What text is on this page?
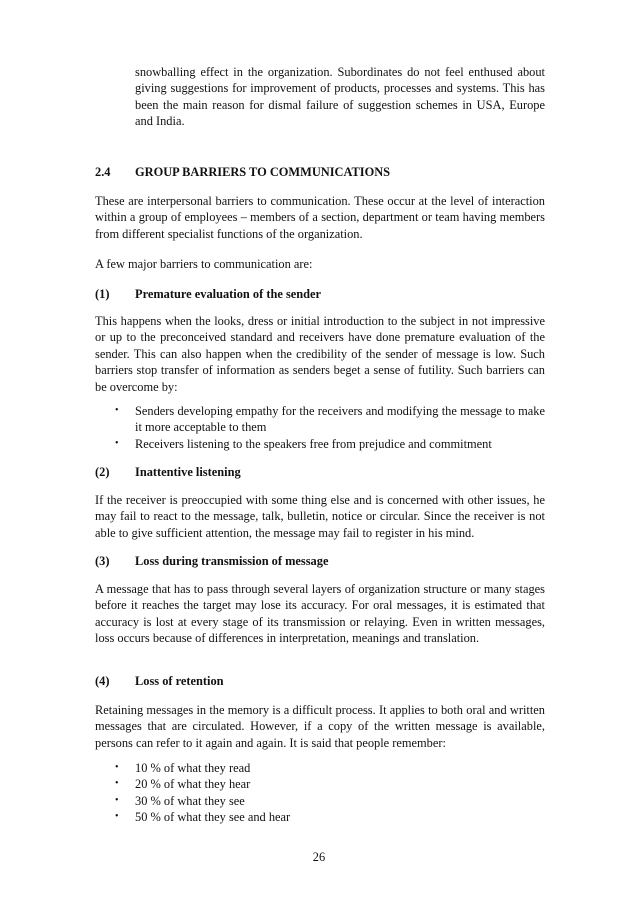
snowballing effect in the organization. Subordinates do not feel enthused about giving suggestions for improvement of products, processes and systems. This has been the main reason for dismal failure of suggestion schemes in USA, Europe and India.

2.4 GROUP BARRIERS TO COMMUNICATIONS

These are interpersonal barriers to communication. These occur at the level of interaction within a group of employees – members of a section, department or team having members from different specialist functions of the organization.

A few major barriers to communication are:

(1) Premature evaluation of the sender

This happens when the looks, dress or initial introduction to the subject in not impressive or up to the preconceived standard and receivers have done premature evaluation of the sender. This can also happen when the credibility of the sender of message is low. Such barriers stop transfer of information as senders beget a sense of futility. Such barriers can be overcome by:

• Senders developing empathy for the receivers and modifying the message to make it more acceptable to them
• Receivers listening to the speakers free from prejudice and commitment
(2) Inattentive listening

If the receiver is preoccupied with some thing else and is concerned with other issues, he may fail to react to the message, talk, bulletin, notice or circular. Since the receiver is not able to give sufficient attention, the message may fail to register in his mind.

(3) Loss during transmission of message

A message that has to pass through several layers of organization structure or many stages before it reaches the target may lose its accuracy. For oral messages, it is estimated that accuracy is lost at every stage of its transmission or relaying. Even in written messages, loss occurs because of differences in interpretation, meanings and translation.

(4) Loss of retention

Retaining messages in the memory is a difficult process. It applies to both oral and written messages that are circulated. However, if a copy of the written message is available, persons can refer to it again and again. It is said that people remember:

• 10 % of what they read
• 20 % of what they hear
• 30 % of what they see
• 50 % of what they see and hear
26
